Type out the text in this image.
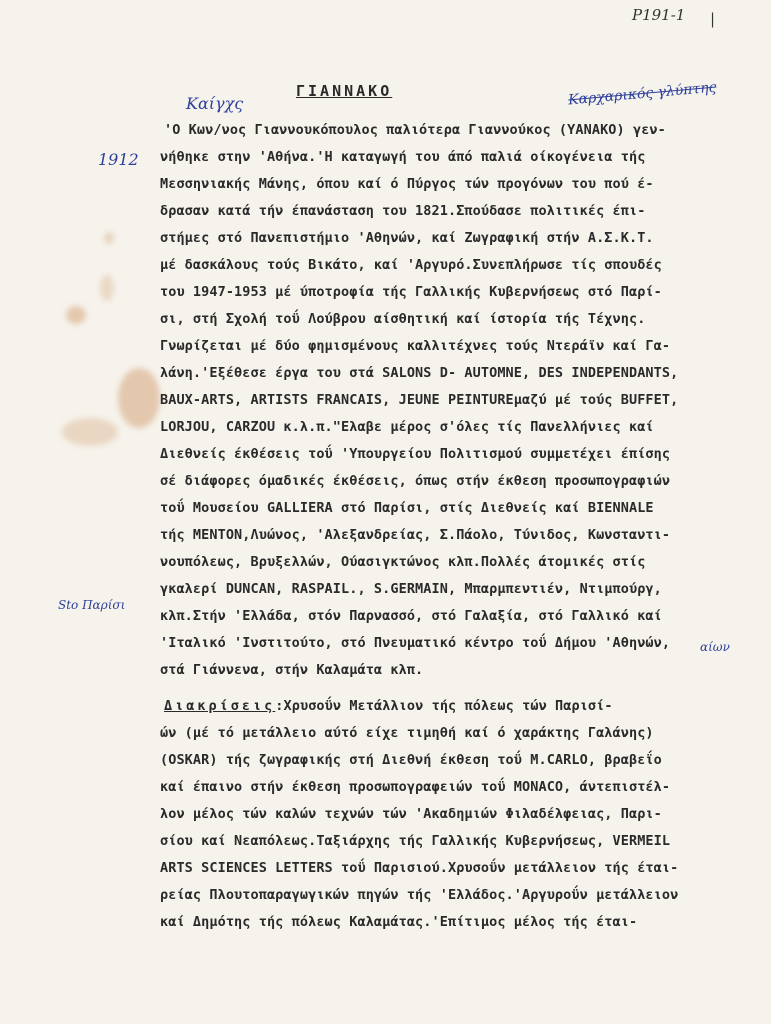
P191-1 |
Καίγχς	Καρχαρικός γλύπτης
1912
Sto Παρίσι
αίων
ΓΙΑΝΝΑΚΟ
'Ο Κων/νος Γιαννουκόπουλος παλιότερα Γιαννούκος (YANAKO) γεν-
νήθηκε στην 'Αθήνα.'Η καταγωγή του άπό παλιά οίκογένεια τής
Μεσσηνιακής Μάνης, όπου καί ό Πύργος τών προγόνων του πού έ-
δρασαν κατά τήν έπανάσταση του 1821.Σπούδασε πολιτικές έπι-
στήμες στό Πανεπιστήμιο 'Αθηνών, καί Ζωγραφική στήν Α.Σ.Κ.Τ.
μέ δασκάλους τούς Βικάτο, καί 'Αργυρό.Συνεπλήρωσε τίς σπουδές
του 1947-1953 μέ ύποτροφία τής Γαλλικής Κυβερνήσεως στό Παρί-
σι, στή Σχολή τοΰ Λούβρου αίσθητική καί ίστορία τής Τέχνης.
Γνωρίζεται μέ δύο φημισμένους καλλιτέχνες τούς Ντεράϊν καί Γα-
λάνη.'Εξέθεσε έργα του στά SALONS D- AUTOMNE, DES INDEPENDANTS,
BAUX-ARTS, ARTISTS FRANCAIS, JEUNE PEINTUREμαζύ μέ τούς BUFFET,
LORJOU, CARZOU κ.λ.π."Ελαβε μέρος σ'όλες τίς Πανελλήνιες καί
Διεθνείς έκθέσεις τοΰ 'Υπουργείου Πολιτισμού συμμετέχει έπίσης
σέ διάφορες όμαδικές έκθέσεις, όπως στήν έκθεση προσωπογραφιών
τοΰ Μουσείου GALLIERA στό Παρίσι, στίς Διεθνείς καί BIENNALE
τής MENTON,Λυώνος, 'Αλεξανδρείας, Σ.Πάολο, Τύνιδος, Κωνσταντι-
νουπόλεως, Βρυξελλών, Ούασιγκτώνος κλπ.Πολλές άτομικές στίς
γκαλερί DUNCAN, RASPAIL., S.GERMAIN, Μπαρμπεντιέν, Ντιμπούργ,
κλπ.Στήν 'Ελλάδα, στόν Παρνασσό, στό Γαλαξία, στό Γαλλικό καί
'Ιταλικό 'Ινστιτούτο, στό Πνευματικό κέντρο τοΰ Δήμου 'Αθηνών,
στά Γιάννενα, στήν Καλαμάτα κλπ.
Διακρίσεις:Χρυσοΰν Μετάλλιον τής πόλεως τών Παρισί-
ών (μέ τό μετάλλειο αύτό είχε τιμηθή καί ό χαράκτης Γαλάνης)
(OSKAR) τής ζωγραφικής στή Διεθνή έκθεση τοΰ M.CARLO, βραβεΐο
καί έπαινο στήν έκθεση προσωπογραφειών τοΰ MONACO, άντεπιστέλ-
λον μέλος τών καλών τεχνών τών 'Ακαδημιών Φιλαδέλφειας, Παρι-
σίου καί Νεαπόλεως.Ταξιάρχης τής Γαλλικής Κυβερνήσεως, VERMEIL
ARTS SCIENCES LETTERS τοΰ Παρισιού.Χρυσοΰν μετάλλειον τής έται-
ρείας Πλουτοπαραγωγικών πηγών τής 'Ελλάδος.'Αργυροΰν μετάλλειον
καί Δημότης τής πόλεως Καλαμάτας.'Επίτιμος μέλος τής έται-
